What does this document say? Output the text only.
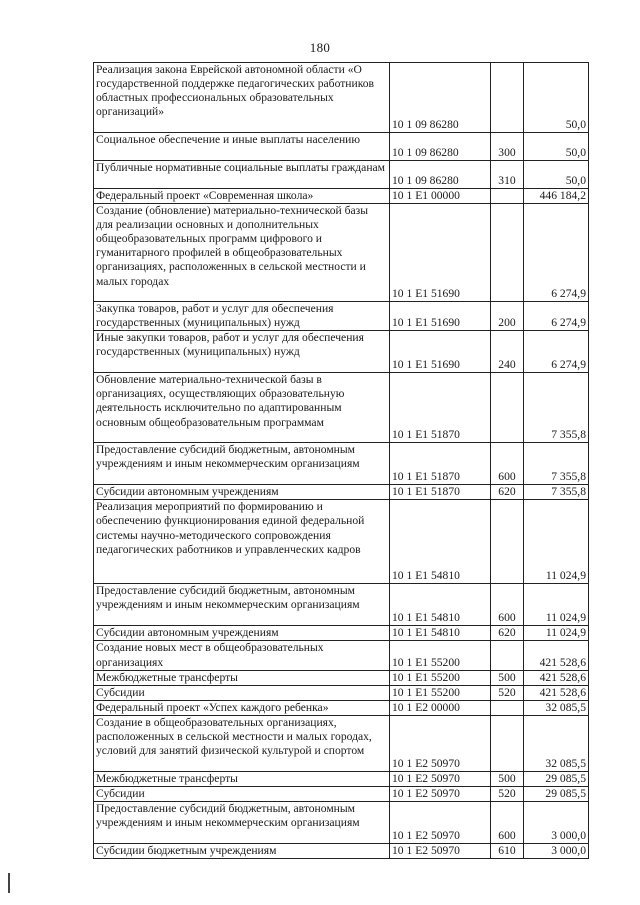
180
Реализация закона Еврейской автономной области «О государственной поддержке педагогических работников областных профессиональных образовательных организаций»	10 1 09 86280		50,0
Социальное обеспечение и иные выплаты населению	10 1 09 86280	300	50,0
Публичные нормативные социальные выплаты гражданам	10 1 09 86280	310	50,0
Федеральный проект «Современная школа»	10 1 E1 00000		446 184,2
Создание (обновление) материально-технической базы для реализации основных и дополнительных общеобразовательных программ цифрового и гуманитарного профилей в общеобразовательных организациях, расположенных в сельской местности и малых городах	10 1 E1 51690		6 274,9
Закупка товаров, работ и услуг для обеспечения государственных (муниципальных) нужд	10 1 E1 51690	200	6 274,9
Иные закупки товаров, работ и услуг для обеспечения государственных (муниципальных) нужд	10 1 E1 51690	240	6 274,9
Обновление материально-технической базы в организациях, осуществляющих образовательную деятельность исключительно по адаптированным основным общеобразовательным программам	10 1 E1 51870		7 355,8
Предоставление субсидий бюджетным, автономным учреждениям и иным некоммерческим организациям	10 1 E1 51870	600	7 355,8
Субсидии автономным учреждениям	10 1 E1 51870	620	7 355,8
Реализация мероприятий по формированию и обеспечению функционирования единой федеральной системы научно-методического сопровождения педагогических работников и управленческих кадров	10 1 E1 54810		11 024,9
Предоставление субсидий бюджетным, автономным учреждениям и иным некоммерческим организациям	10 1 E1 54810	600	11 024,9
Субсидии автономным учреждениям	10 1 E1 54810	620	11 024,9
Создание новых мест в общеобразовательных организациях	10 1 E1 55200		421 528,6
Межбюджетные трансферты	10 1 E1 55200	500	421 528,6
Субсидии	10 1 E1 55200	520	421 528,6
Федеральный проект «Успех каждого ребенка»	10 1 E2 00000		32 085,5
Создание в общеобразовательных организациях, расположенных в сельской местности и малых городах, условий для занятий физической культурой и спортом	10 1 E2 50970		32 085,5
Межбюджетные трансферты	10 1 E2 50970	500	29 085,5
Субсидии	10 1 E2 50970	520	29 085,5
Предоставление субсидий бюджетным, автономным учреждениям и иным некоммерческим организациям	10 1 E2 50970	600	3 000,0
Субсидии бюджетным учреждениям	10 1 E2 50970	610	3 000,0
